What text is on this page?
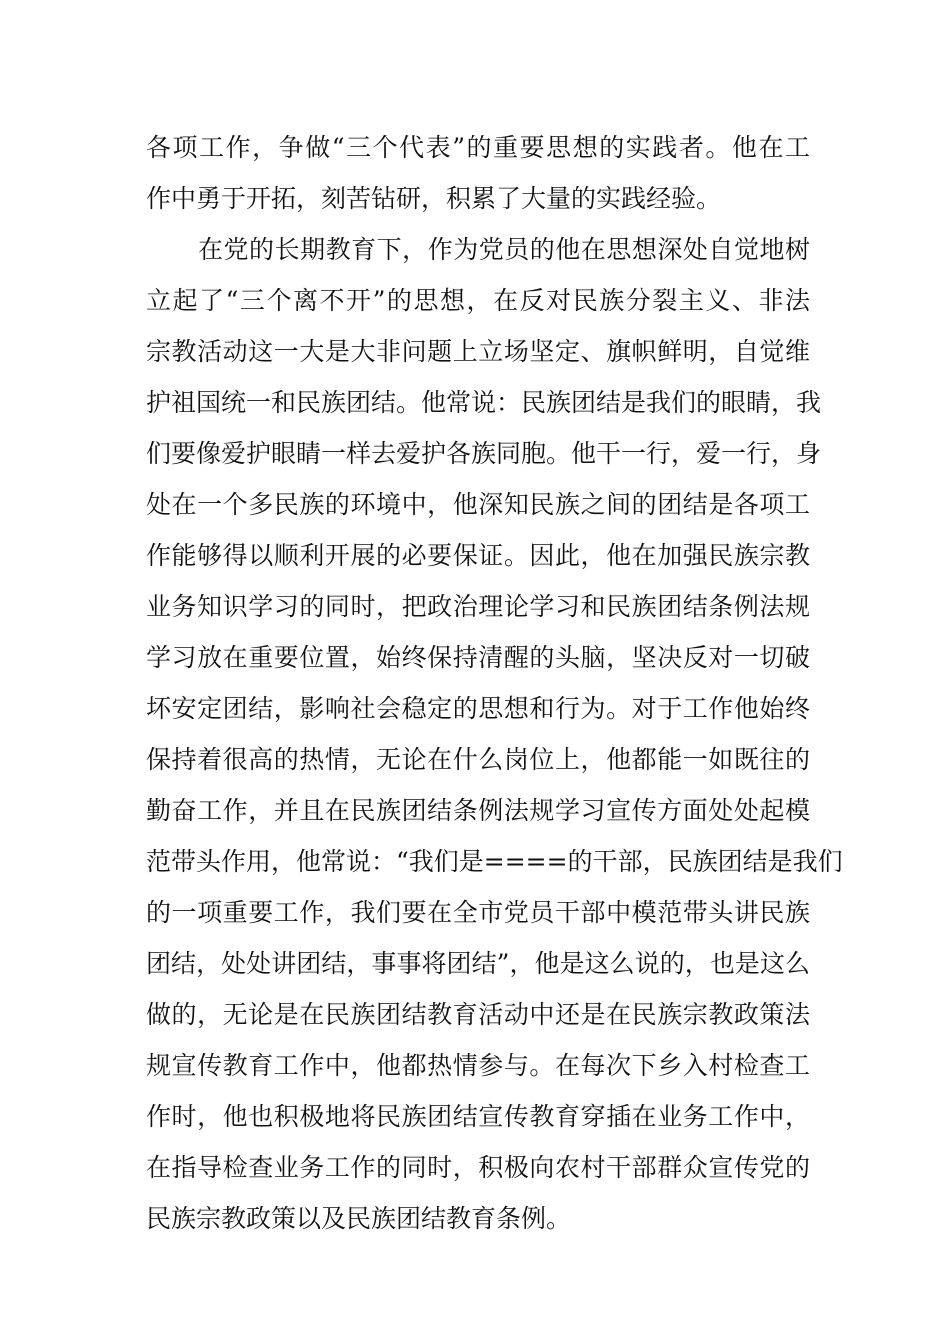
各项工作，争做“三个代表”的重要思想的实践者。他在工
作中勇于开拓，刻苦钻研，积累了大量的实践经验。
在党的长期教育下，作为党员的他在思想深处自觉地树
立起了“三个离不开”的思想，在反对民族分裂主义、非法
宗教活动这一大是大非问题上立场坚定、旗帜鲜明，自觉维
护祖国统一和民族团结。他常说：民族团结是我们的眼睛，我
们要像爱护眼睛一样去爱护各族同胞。他干一行，爱一行，身
处在一个多民族的环境中，他深知民族之间的团结是各项工
作能够得以顺利开展的必要保证。因此，他在加强民族宗教
业务知识学习的同时，把政治理论学习和民族团结条例法规
学习放在重要位置，始终保持清醒的头脑，坚决反对一切破
坏安定团结，影响社会稳定的思想和行为。对于工作他始终
保持着很高的热情，无论在什么岗位上，他都能一如既往的
勤奋工作，并且在民族团结条例法规学习宣传方面处处起模
范带头作用，他常说：“我们是====的干部，民族团结是我们
的一项重要工作，我们要在全市党员干部中模范带头讲民族
团结，处处讲团结，事事将团结”，他是这么说的，也是这么
做的，无论是在民族团结教育活动中还是在民族宗教政策法
规宣传教育工作中，他都热情参与。在每次下乡入村检查工
作时，他也积极地将民族团结宣传教育穿插在业务工作中，
在指导检查业务工作的同时，积极向农村干部群众宣传党的
民族宗教政策以及民族团结教育条例。
